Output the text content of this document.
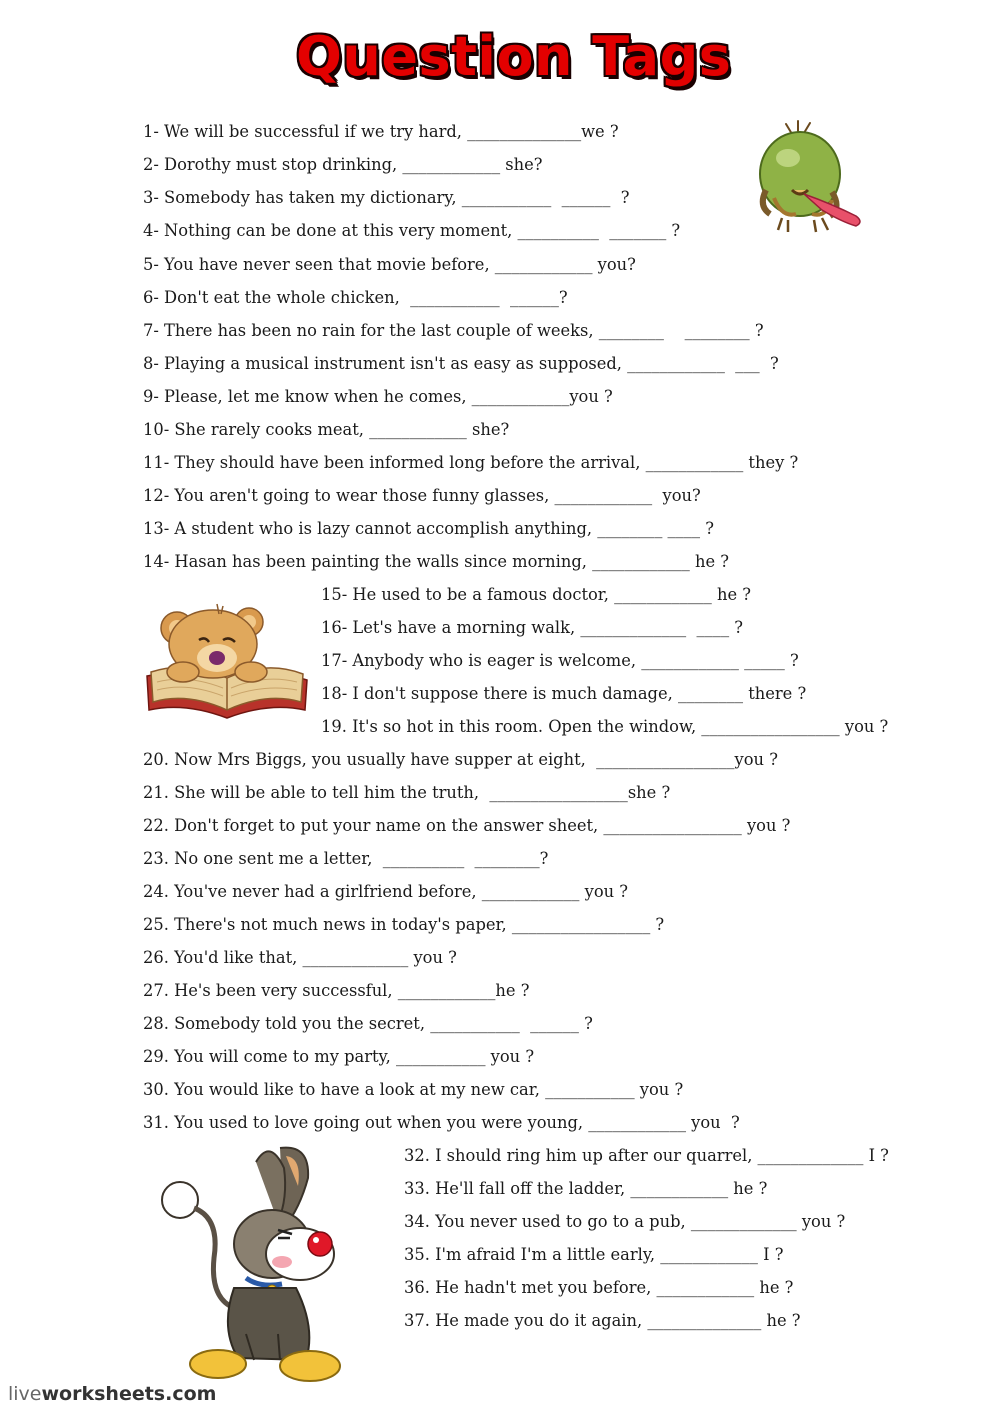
Question Tags
1- We will be successful if we try hard, ______________we ?
2- Dorothy must stop drinking, ____________ she?
3- Somebody has taken my dictionary, ___________  ______  ?
4- Nothing can be done at this very moment, __________  _______ ?
5- You have never seen that movie before, ____________ you?
6- Don't eat the whole chicken,  ___________  ______?
7- There has been no rain for the last couple of weeks, ________    ________ ?
8- Playing a musical instrument isn't as easy as supposed, ____________  ___  ?
9- Please, let me know when he comes, ____________you ?
10- She rarely cooks meat, ____________ she?
11- They should have been informed long before the arrival, ____________ they ?
12- You aren't going to wear those funny glasses, ____________  you?
13- A student who is lazy cannot accomplish anything, ________ ____ ?
14- Hasan has been painting the walls since morning, ____________ he ?
15- He used to be a famous doctor, ____________ he ?
16- Let's have a morning walk, _____________  ____ ?
17- Anybody who is eager is welcome, ____________ _____ ?
18- I don't suppose there is much damage, ________ there ?
19. It's so hot in this room. Open the window, _________________ you ?
20. Now Mrs Biggs, you usually have supper at eight,  _________________you ?
21. She will be able to tell him the truth,  _________________she ?
22. Don't forget to put your name on the answer sheet, _________________ you ?
23. No one sent me a letter,  __________  ________?
24. You've never had a girlfriend before, ____________ you ?
25. There's not much news in today's paper, _________________ ?
26. You'd like that, _____________ you ?
27. He's been very successful, ____________he ?
28. Somebody told you the secret, ___________  ______ ?
29. You will come to my party, ___________ you ?
30. You would like to have a look at my new car, ___________ you ?
31. You used to love going out when you were young, ____________ you  ?
32. I should ring him up after our quarrel, _____________ I ?
33. He'll fall off the ladder, ____________ he ?
34. You never used to go to a pub, _____________ you ?
35. I'm afraid I'm a little early, ____________ I ?
36. He hadn't met you before, ____________ he ?
37. He made you do it again, ______________ he ?
liveworksheets.com
